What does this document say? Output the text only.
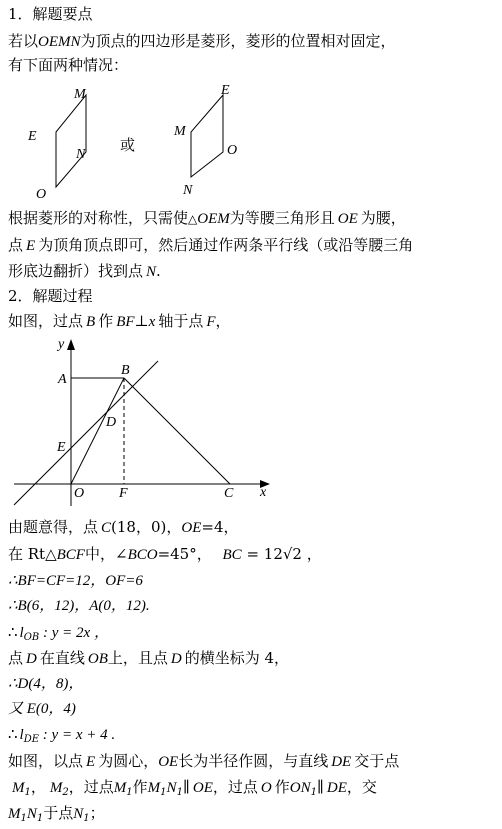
1．解题要点
若以OEMN为顶点的四边形是菱形，菱形的位置相对固定，
有下面两种情况：
M
E
N
O
或
E
M
O
N
根据菱形的对称性，只需使△OEM为等腰三角形且 OE 为腰，
点 E 为顶角顶点即可，然后通过作两条平行线（或沿等腰三角
形底边翻折）找到点 N.
2．解题过程
如图，过点 B 作 BF⊥x 轴于点 F，
y
x
A
B
D
E
O F	C
由题意得，点 C(18，0)，OE=4，
在 Rt△BCF中，∠BCO=45°， BC = 12√2 ，
∴BF=CF=12，OF=6
∴B(6，12)，A(0，12).
∴ $l_{OB}$ : y = 2x ，
点 D 在直线 OB上，且点 D 的横坐标为 4，
∴D(4，8)，
又 E(0，4)
∴ $l_{DE}$ : y = x + 4 .
如图，以点 E 为圆心，OE长为半径作圆，与直线 DE 交于点
$M_1$， $M_2$，过点$M_1$作$M_1N_1\parallel$ OE，过点 O 作$ON_1\parallel$ DE，交
$M_1N_1$于点$N_1$；
